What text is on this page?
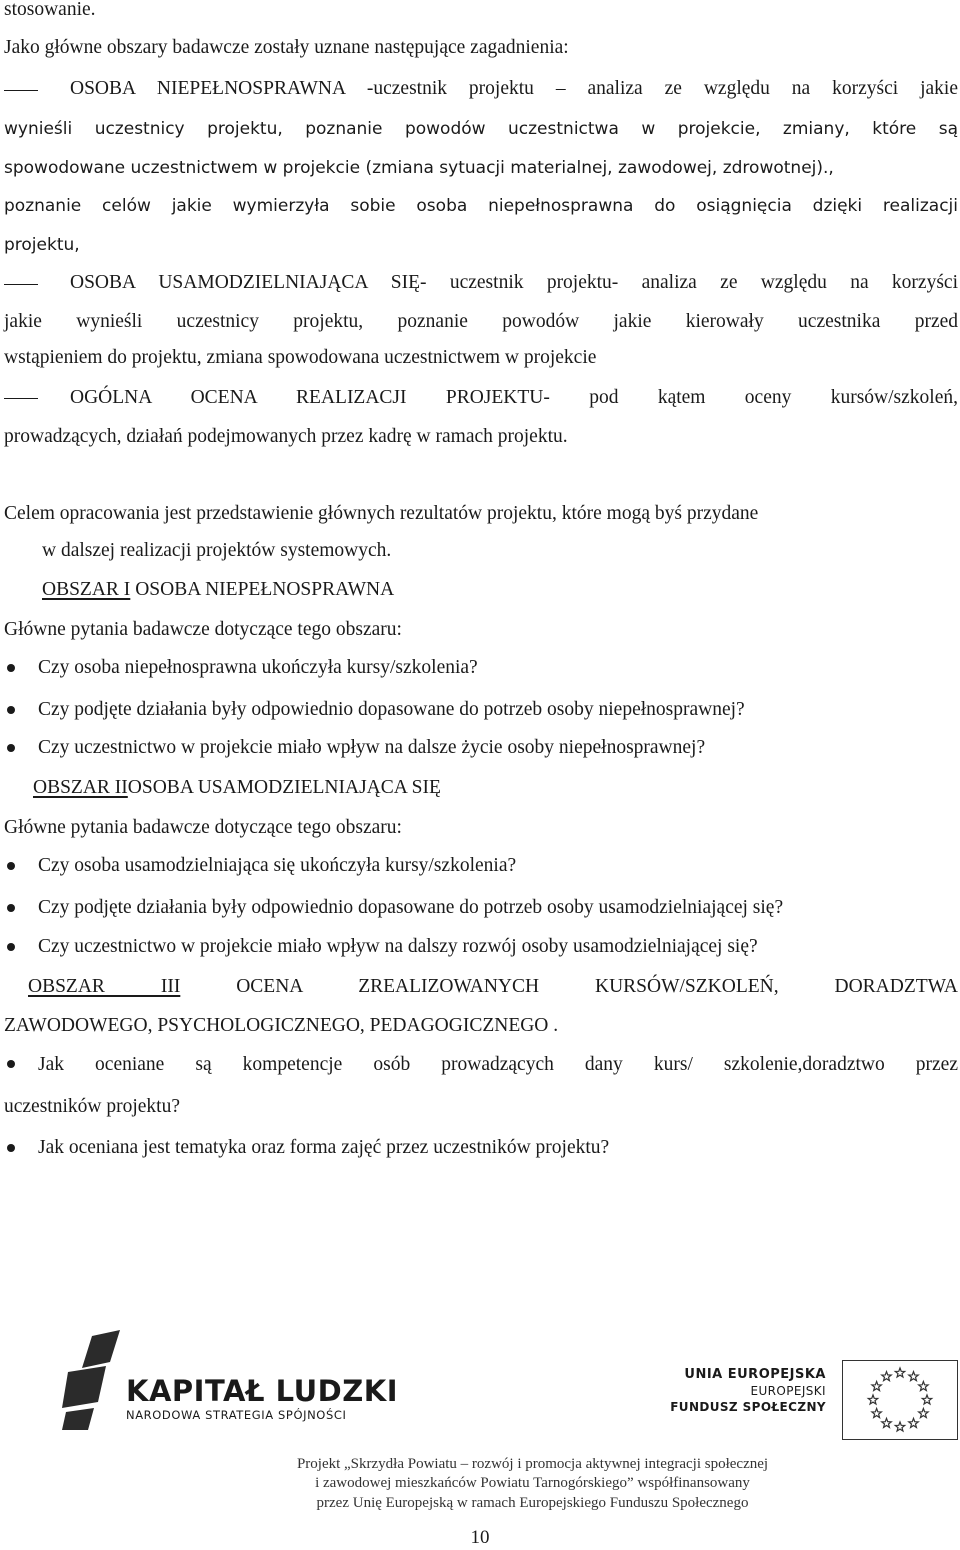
stosowanie.
Jako główne obszary badawcze zostały uznane następujące zagadnienia:
OSOBA NIEPEŁNOSPRAWNA -uczestnik projektu – analiza ze względu na korzyści jakie
wynieśli uczestnicy projektu, poznanie powodów uczestnictwa w projekcie, zmiany, które są
spowodowane uczestnictwem w projekcie (zmiana sytuacji materialnej, zawodowej, zdrowotnej).,
poznanie celów jakie wymierzyła sobie osoba niepełnosprawna do osiągnięcia dzięki realizacji
projektu,
OSOBA USAMODZIELNIAJĄCA SIĘ- uczestnik projektu- analiza ze względu na korzyści
jakie wynieśli uczestnicy projektu, poznanie powodów jakie kierowały uczestnika przed
wstąpieniem do projektu, zmiana spowodowana uczestnictwem w projekcie
OGÓLNA OCENA REALIZACJI PROJEKTU- pod kątem oceny kursów/szkoleń,
prowadzących, działań podejmowanych przez kadrę w ramach projektu.
Celem opracowania jest przedstawienie głównych rezultatów projektu, które mogą byś przydane
w dalszej realizacji projektów systemowych.
OBSZAR I OSOBA NIEPEŁNOSPRAWNA
Główne pytania badawcze dotyczące tego obszaru:
Czy osoba niepełnosprawna ukończyła kursy/szkolenia?
Czy podjęte działania były odpowiednio dopasowane do potrzeb osoby niepełnosprawnej?
Czy uczestnictwo w projekcie miało wpływ na dalsze życie osoby niepełnosprawnej?
OBSZAR IIOSOBA USAMODZIELNIAJĄCA SIĘ
Główne pytania badawcze dotyczące tego obszaru:
Czy osoba usamodzielniająca się ukończyła kursy/szkolenia?
Czy podjęte działania były odpowiednio dopasowane do potrzeb osoby usamodzielniającej się?
Czy uczestnictwo w projekcie miało wpływ na dalszy rozwój osoby usamodzielniającej się?
OBSZAR III	OCENA ZREALIZOWANYCH KURSÓW/SZKOLEŃ, DORADZTWA
ZAWODOWEGO, PSYCHOLOGICZNEGO, PEDAGOGICZNEGO .
Jak oceniane są kompetencje osób prowadzących dany kurs/ szkolenie,doradztwo przez
uczestników projektu?
Jak oceniana jest tematyka oraz forma zajęć przez uczestników projektu?
KAPITAŁ LUDZKI
NARODOWA STRATEGIA SPÓJNOŚCI
UNIA EUROPEJSKA
EUROPEJSKI
FUNDUSZ SPOŁECZNY
Projekt „Skrzydła Powiatu – rozwój i promocja aktywnej integracji społecznej
i zawodowej mieszkańców Powiatu Tarnogórskiego” współfinansowany
przez Unię Europejską w ramach Europejskiego Funduszu Społecznego
10
